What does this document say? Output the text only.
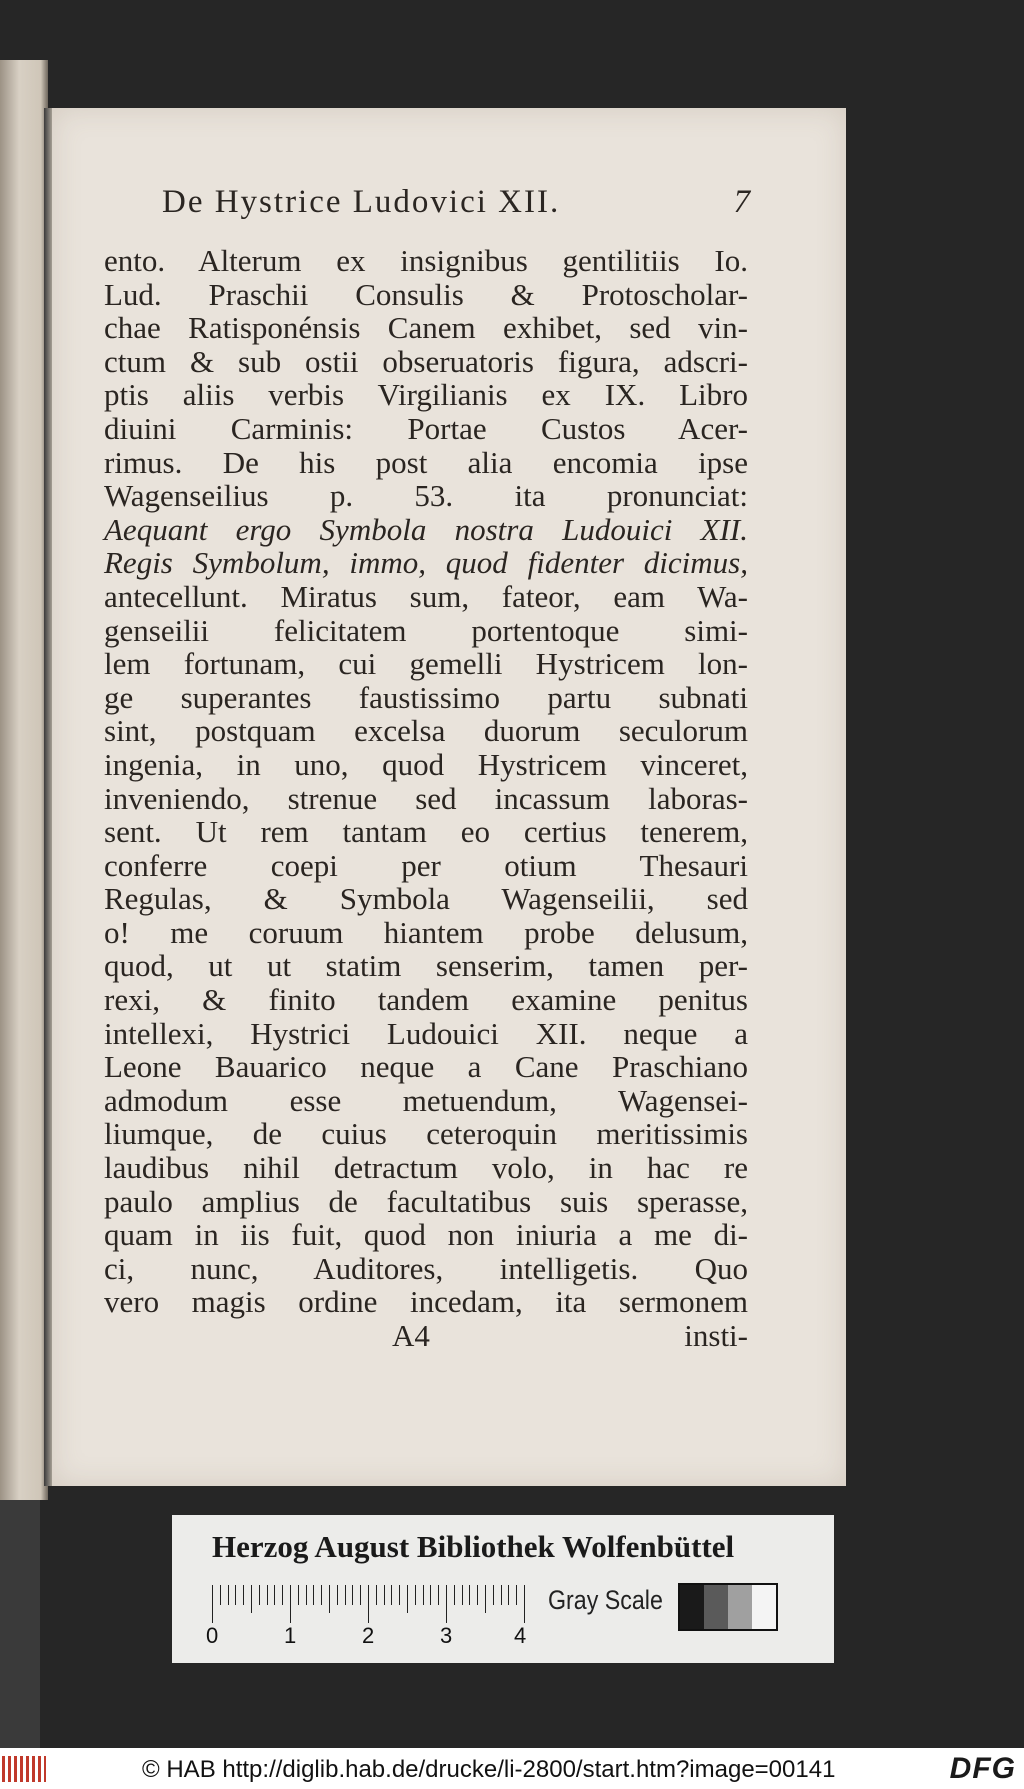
De Hystrice Ludovici XII.	7
ento. Alterum ex insignibus gentilitiis Io.
Lud. Praschii Consulis & Protoscholar-
chae Ratisponénsis Canem exhibet, sed vin-
ctum & sub ostii obseruatoris figura, adscri-
ptis aliis verbis Virgilianis ex IX. Libro
diuini Carminis: Portae Custos Acer-
rimus. De his post alia encomia ipse
Wagenseilius p. 53. ita pronunciat:
Aequant ergo Symbola nostra Ludouici XII.
Regis Symbolum, immo, quod fidenter dicimus,
antecellunt. Miratus sum, fateor, eam Wa-
genseilii felicitatem portentoque simi-
lem fortunam, cui gemelli Hystricem lon-
ge superantes faustissimo partu subnati
sint, postquam excelsa duorum seculorum
ingenia, in uno, quod Hystricem vinceret,
inveniendo, strenue sed incassum laboras-
sent. Ut rem tantam eo certius tenerem,
conferre coepi per otium Thesauri
Regulas, & Symbola Wagenseilii, sed
o! me coruum hiantem probe delusum,
quod, ut ut statim senserim, tamen per-
rexi, & finito tandem examine penitus
intellexi, Hystrici Ludouici XII. neque a
Leone Bauarico neque a Cane Praschiano
admodum esse metuendum, Wagensei-
liumque, de cuius ceteroquin meritissimis
laudibus nihil detractum volo, in hac re
paulo amplius de facultatibus suis sperasse,
quam in iis fuit, quod non iniuria a me di-
ci, nunc, Auditores, intelligetis. Quo
vero magis ordine incedam, ita sermonem
A4	insti-
Herzog August Bibliothek Wolfenbüttel
0	1	2	3	4
Gray Scale
© HAB http://diglib.hab.de/drucke/li-2800/start.htm?image=00141	DFG
